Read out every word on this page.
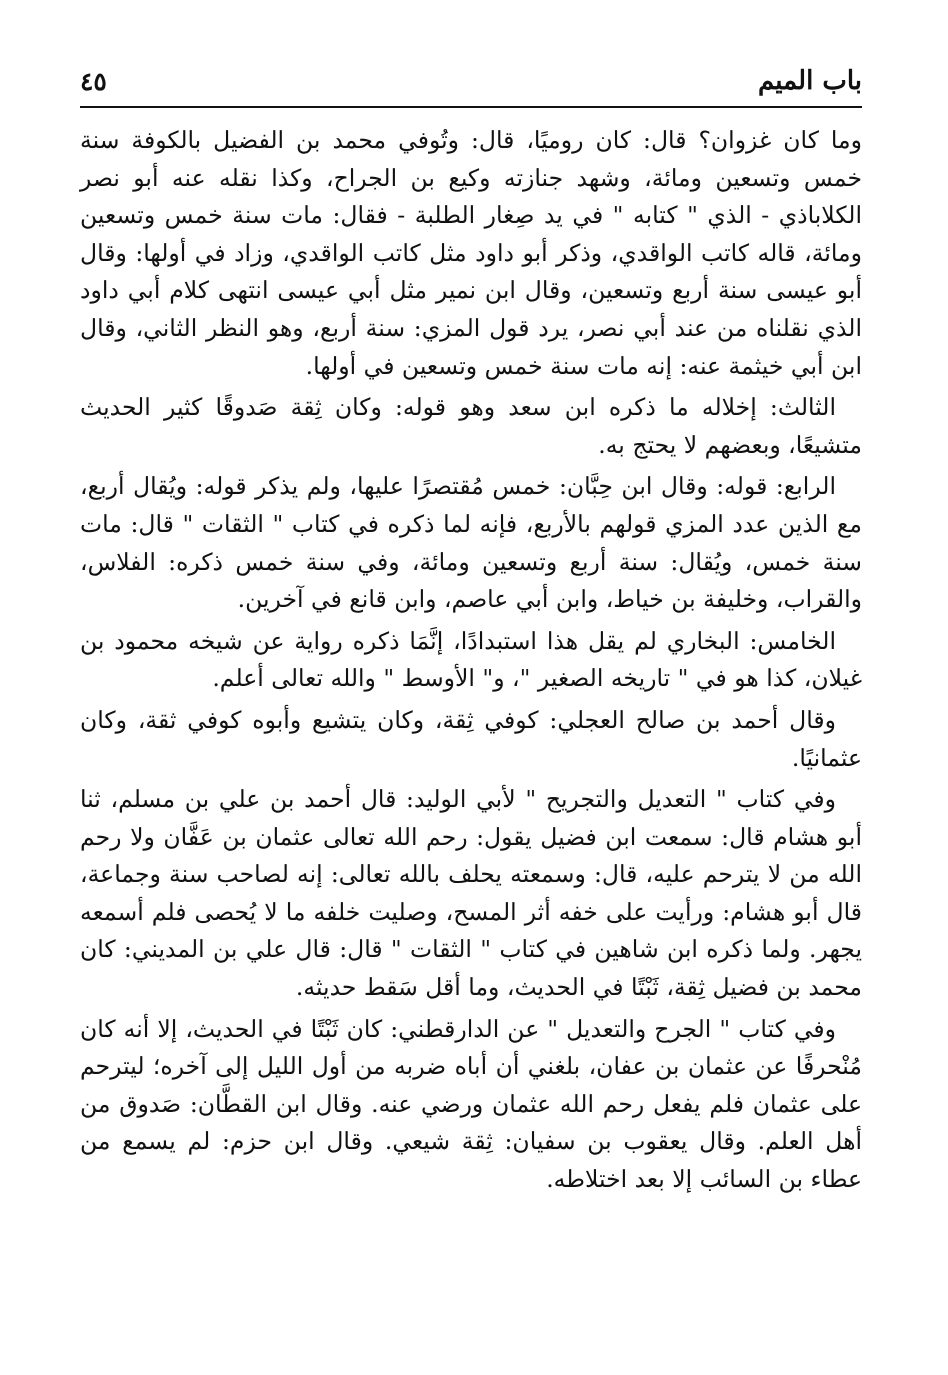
باب الميم
٤٥

وما كان غزوان؟ قال: كان روميًا، قال: وتُوفي محمد بن الفضيل بالكوفة سنة خمس وتسعين ومائة، وشهد جنازته وكيع بن الجراح، وكذا نقله عنه أبو نصر الكلاباذي - الذي " كتابه " في يد صِغار الطلبة - فقال: مات سنة خمس وتسعين ومائة، قاله كاتب الواقدي، وذكر أبو داود مثل كاتب الواقدي، وزاد في أولها: وقال أبو عيسى سنة أربع وتسعين، وقال ابن نمير مثل أبي عيسى انتهى كلام أبي داود الذي نقلناه من عند أبي نصر، يرد قول المزي: سنة أربع، وهو النظر الثاني، وقال ابن أبي خيثمة عنه: إنه مات سنة خمس وتسعين في أولها.

الثالث: إخلاله ما ذكره ابن سعد وهو قوله: وكان ثِقة صَدوقًا كثير الحديث متشيعًا، وبعضهم لا يحتج به.

الرابع: قوله: وقال ابن حِبَّان: خمس مُقتصرًا عليها، ولم يذكر قوله: ويُقال أربع، مع الذين عدد المزي قولهم بالأربع، فإنه لما ذكره في كتاب " الثقات " قال: مات سنة خمس، ويُقال: سنة أربع وتسعين ومائة، وفي سنة خمس ذكره: الفلاس، والقراب، وخليفة بن خياط، وابن أبي عاصم، وابن قانع في آخرين.

الخامس: البخاري لم يقل هذا استبدادًا، إنَّمَا ذكره رواية عن شيخه محمود بن غيلان، كذا هو في " تاريخه الصغير "، و" الأوسط " والله تعالى أعلم.

وقال أحمد بن صالح العجلي: كوفي ثِقة، وكان يتشيع وأبوه كوفي ثقة، وكان عثمانيًا.

وفي كتاب " التعديل والتجريح " لأبي الوليد: قال أحمد بن علي بن مسلم، ثنا أبو هشام قال: سمعت ابن فضيل يقول: رحم الله تعالى عثمان بن عَفَّان ولا رحم الله من لا يترحم عليه، قال: وسمعته يحلف بالله تعالى: إنه لصاحب سنة وجماعة، قال أبو هشام: ورأيت على خفه أثر المسح، وصليت خلفه ما لا يُحصى فلم أسمعه يجهر. ولما ذكره ابن شاهين في كتاب " الثقات " قال: قال علي بن المديني: كان محمد بن فضيل ثِقة، ثَبْتًا في الحديث، وما أقل سَقط حديثه.

وفي كتاب " الجرح والتعديل " عن الدارقطني: كان ثَبْتًا في الحديث، إلا أنه كان مُنْحرفًا عن عثمان بن عفان، بلغني أن أباه ضربه من أول الليل إلى آخره؛ ليترحم على عثمان فلم يفعل رحم الله عثمان ورضي عنه. وقال ابن القطَّان: صَدوق من أهل العلم. وقال يعقوب بن سفيان: ثِقة شيعي. وقال ابن حزم: لم يسمع من عطاء بن السائب إلا بعد اختلاطه.
